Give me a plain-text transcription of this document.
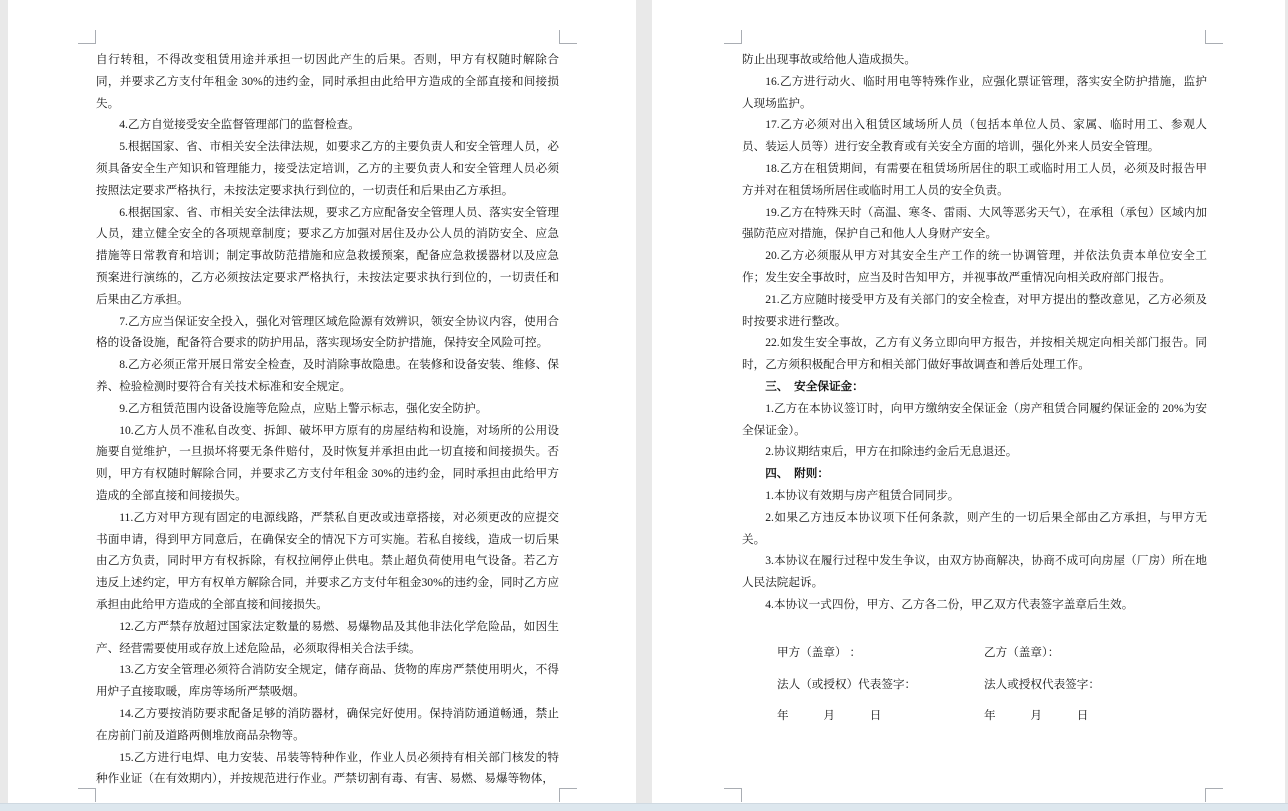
自行转租，不得改变租赁用途并承担一切因此产生的后果。否则，甲方有权随时解除合同，并要求乙方支付年租金 30%的违约金，同时承担由此给甲方造成的全部直接和间接损失。

4.乙方自觉接受安全监督管理部门的监督检查。

5.根据国家、省、市相关安全法律法规，如要求乙方的主要负责人和安全管理人员，必须具备安全生产知识和管理能力，接受法定培训，乙方的主要负责人和安全管理人员必须按照法定要求严格执行，未按法定要求执行到位的，一切责任和后果由乙方承担。

6.根据国家、省、市相关安全法律法规，要求乙方应配备安全管理人员、落实安全管理人员，建立健全安全的各项规章制度；要求乙方加强对居住及办公人员的消防安全、应急措施等日常教育和培训；制定事故防范措施和应急救援预案，配备应急救援器材以及应急预案进行演练的，乙方必须按法定要求严格执行，未按法定要求执行到位的，一切责任和后果由乙方承担。

7.乙方应当保证安全投入，强化对管理区域危险源有效辨识，领安全协议内容，使用合格的设备设施，配备符合要求的防护用品，落实现场安全防护措施，保持安全风险可控。

8.乙方必须正常开展日常安全检查，及时消除事故隐患。在装修和设备安装、维修、保养、检验检测时要符合有关技术标准和安全规定。

9.乙方租赁范围内设备设施等危险点，应贴上警示标志，强化安全防护。

10.乙方人员不准私自改变、拆卸、破坏甲方原有的房屋结构和设施，对场所的公用设施要自觉维护，一旦损坏将要无条件赔付，及时恢复并承担由此一切直接和间接损失。否则，甲方有权随时解除合同，并要求乙方支付年租金 30%的违约金，同时承担由此给甲方造成的全部直接和间接损失。

11.乙方对甲方现有固定的电源线路，严禁私自更改或违章搭接，对必须更改的应提交书面申请，得到甲方同意后，在确保安全的情况下方可实施。若私自接线，造成一切后果由乙方负责，同时甲方有权拆除，有权拉闸停止供电。禁止超负荷使用电气设备。若乙方违反上述约定，甲方有权单方解除合同，并要求乙方支付年租金30%的违约金，同时乙方应承担由此给甲方造成的全部直接和间接损失。

12.乙方严禁存放超过国家法定数量的易燃、易爆物品及其他非法化学危险品，如因生产、经营需要使用或存放上述危险品，必须取得相关合法手续。

13.乙方安全管理必须符合消防安全规定，储存商品、货物的库房严禁使用明火，不得用炉子直接取暖，库房等场所严禁吸烟。

14.乙方要按消防要求配备足够的消防器材，确保完好使用。保持消防通道畅通，禁止在房前门前及道路两侧堆放商品杂物等。

15.乙方进行电焊、电力安装、吊装等特种作业，作业人员必须持有相关部门核发的特种作业证（在有效期内），并按规范进行作业。严禁切割有毒、有害、易燃、易爆等物体，

防止出现事故或给他人造成损失。

16.乙方进行动火、临时用电等特殊作业，应强化票证管理，落实安全防护措施，监护人现场监护。

17.乙方必须对出入租赁区域场所人员（包括本单位人员、家属、临时用工、参观人员、装运人员等）进行安全教育或有关安全方面的培训，强化外来人员安全管理。

18.乙方在租赁期间，有需要在租赁场所居住的职工或临时用工人员，必须及时报告甲方并对在租赁场所居住或临时用工人员的安全负责。

19.乙方在特殊天时（高温、寒冬、雷雨、大风等恶劣天气），在承租（承包）区域内加强防范应对措施，保护自己和他人人身财产安全。

20.乙方必须服从甲方对其安全生产工作的统一协调管理，并依法负责本单位安全工作；发生安全事故时，应当及时告知甲方，并视事故严重情况向相关政府部门报告。

21.乙方应随时接受甲方及有关部门的安全检查，对甲方提出的整改意见，乙方必须及时按要求进行整改。

22.如发生安全事故，乙方有义务立即向甲方报告，并按相关规定向相关部门报告。同时，乙方须积极配合甲方和相关部门做好事故调查和善后处理工作。

三、　安全保证金：

1.乙方在本协议签订时，向甲方缴纳安全保证金（房产租赁合同履约保证金的 20%为安全保证金）。

2.协议期结束后，甲方在扣除违约金后无息退还。

四、　附则：

1.本协议有效期与房产租赁合同同步。

2.如果乙方违反本协议项下任何条款，则产生的一切后果全部由乙方承担，与甲方无关。

3.本协议在履行过程中发生争议，由双方协商解决，协商不成可向房屋（厂房）所在地人民法院起诉。

4.本协议一式四份，甲方、乙方各二份，甲乙双方代表签字盖章后生效。

甲方（盖章） ：	乙方（盖章）：
法人（或授权）代表签字：	法人或授权代表签字：
年　　　月　　　日	年　　　月　　　日
